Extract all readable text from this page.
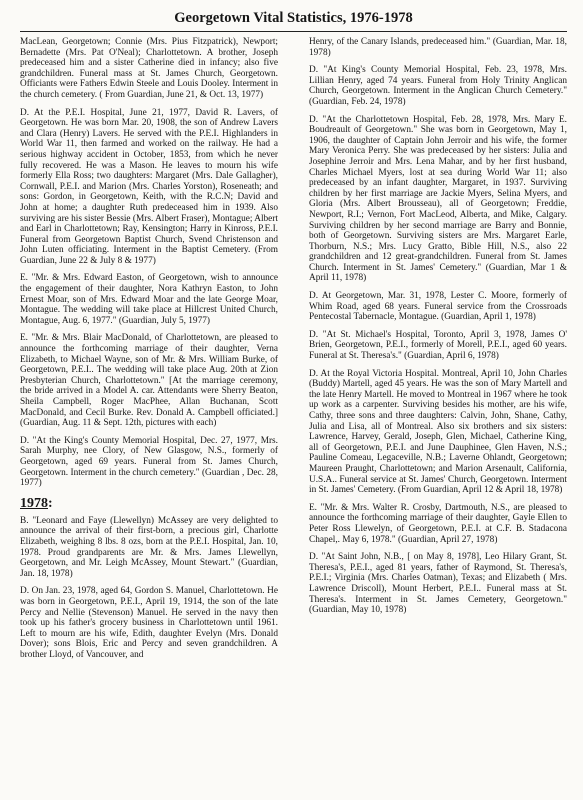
Georgetown Vital Statistics, 1976-1978

MacLean, Georgetown; Connie (Mrs. Pius Fitzpatrick), Newport; Bernadette (Mrs. Pat O'Neal); Charlottetown. A brother, Joseph predeceased him and a sister Catherine died in infancy; also five grandchildren. Funeral mass at St. James Church, Georgetown. Officiants were Fathers Edwin Steele and Louis Dooley. Interment in the church cemetery. ( From Guardian, June 21, & Oct. 13, 1977)

D. At the P.E.I. Hospital, June 21, 1977, David R. Lavers, of Georgetown. He was born Mar. 20, 1908, the son of Andrew Lavers and Clara (Henry) Lavers. He served with the P.E.I. Highlanders in World War 11, then farmed and worked on the railway. He had a serious highway accident in October, 1853, from which he never fully recovered. He was a Mason. He leaves to mourn his wife formerly Ella Ross; two daughters: Margaret (Mrs. Dale Gallagher), Cornwall, P.E.I. and Marion (Mrs. Charles Yorston), Roseneath; and sons: Gordon, in Georgetown, Keith, with the R.C.N; David and John at home; a daughter Ruth predeceased him in 1939. Also surviving are his sister Bessie (Mrs. Albert Fraser), Montague; Albert and Earl in Charlottetown; Ray, Kensington; Harry in Kinross, P.E.I. Funeral from Georgetown Baptist Church, Svend Christenson and John Luten officiating. Interment in the Baptist Cemetery. (From Guardian, June 22 & July 8 & 1977)

E. "Mr. & Mrs. Edward Easton, of Georgetown, wish to announce the engagement of their daughter, Nora Kathryn Easton, to John Ernest Moar, son of Mrs. Edward Moar and the late George Moar, Montague. The wedding will take place at Hillcrest United Church, Montague, Aug. 6, 1977." (Guardian, July 5, 1977)

E. "Mr. & Mrs. Blair MacDonald, of Charlottetown, are pleased to announce the forthcoming marriage of their daughter, Verna Elizabeth, to Michael Wayne, son of Mr. & Mrs. William Burke, of Georgetown, P.E.I.. The wedding will take place Aug. 20th at Zion Presbyterian Church, Charlottetown." [At the marriage ceremony, the bride arrived in a Model A. car. Attendants were Sherry Beaton, Sheila Campbell, Roger MacPhee, Allan Buchanan, Scott MacDonald, and Cecil Burke. Rev. Donald A. Campbell officiated.] (Guardian, Aug. 11 & Sept. 12th, pictures with each)

D. "At the King's County Memorial Hospital, Dec. 27, 1977, Mrs. Sarah Murphy, nee Clory, of New Glasgow, N.S., formerly of Georgetown, aged 69 years. Funeral from St. James Church, Georgetown. Interment in the church cemetery." (Guardian , Dec. 28, 1977)

1978:

B. "Leonard and Faye (Llewellyn) McAssey are very delighted to announce the arrival of their first-born, a precious girl, Charlotte Elizabeth, weighing 8 lbs. 8 ozs, born at the P.E.I. Hospital, Jan. 10, 1978. Proud grandparents are Mr. & Mrs. James Llewellyn, Georgetown, and Mr. Leigh McAssey, Mount Stewart." (Guardian, Jan. 18, 1978)

D. On Jan. 23, 1978, aged 64, Gordon S. Manuel, Charlottetown. He was born in Georgetown, P.E.I., April 19, 1914, the son of the late Percy and Nellie (Stevenson) Manuel. He served in the navy then took up his father's grocery business in Charlottetown until 1961. Left to mourn are his wife, Edith, daughter Evelyn (Mrs. Donald Dover); sons Blois, Eric and Percy and seven grandchildren. A brother Lloyd, of Vancouver, and

Henry, of the Canary Islands, predeceased him." (Guardian, Mar. 18, 1978)

D. "At King's County Memorial Hospital, Feb. 23, 1978, Mrs. Lillian Henry, aged 74 years. Funeral from Holy Trinity Anglican Church, Georgetown. Interment in the Anglican Church Cemetery." (Guardian, Feb. 24, 1978)

D. "At the Charlottetown Hospital, Feb. 28, 1978, Mrs. Mary E. Boudreault of Georgetown." She was born in Georgetown, May 1, 1906, the daughter of Captain John Jerroir and his wife, the former Mary Veronica Perry. She was predeceased by her sisters: Julia and Josephine Jerroir and Mrs. Lena Mahar, and by her first husband, Charles Michael Myers, lost at sea during World War 11; also predeceased by an infant daughter, Margaret, in 1937. Surviving children by her first marriage are Jackie Myers, Selina Myers, and Gloria (Mrs. Albert Brousseau), all of Georgetown; Freddie, Newport, R.I.; Vernon, Fort MacLeod, Alberta, and Mike, Calgary. Surviving children by her second marriage are Barry and Bonnie, both of Georgetown. Surviving sisters are Mrs. Margaret Earle, Thorburn, N.S.; Mrs. Lucy Gratto, Bible Hill, N.S., also 22 grandchildren and 12 great-grandchildren. Funeral from St. James Church. Interment in St. James' Cemetery." (Guardian, Mar 1 & April 11, 1978)

D. At Georgetown, Mar. 31, 1978, Lester C. Moore, formerly of Whim Road, aged 68 years. Funeral service from the Crossroads Pentecostal Tabernacle, Montague. (Guardian, April 1, 1978)

D. "At St. Michael's Hospital, Toronto, April 3, 1978, James O' Brien, Georgetown, P.E.I., formerly of Morell, P.E.I., aged 60 years. Funeral at St. Theresa's." (Guardian, April 6, 1978)

D. At the Royal Victoria Hospital. Montreal, April 10, John Charles (Buddy) Martell, aged 45 years. He was the son of Mary Martell and the late Henry Martell. He moved to Montreal in 1967 where he took up work as a carpenter. Surviving besides his mother, are his wife, Cathy, three sons and three daughters: Calvin, John, Shane, Cathy, Julia and Lisa, all of Montreal. Also six brothers and six sisters: Lawrence, Harvey, Gerald, Joseph, Glen, Michael, Catherine King, all of Georgetown, P.E.I. and June Dauphinee, Glen Haven, N.S.; Pauline Comeau, Legaceville, N.B.; Laverne Ohlandt, Georgetown; Maureen Praught, Charlottetown; and Marion Arsenault, California, U.S.A.. Funeral service at St. James' Church, Georgetown. Interment in St. James' Cemetery. (From Guardian, April 12 & April 18, 1978)

E. "Mr. & Mrs. Walter R. Crosby, Dartmouth, N.S., are pleased to announce the forthcoming marriage of their daughter, Gayle Ellen to Peter Ross Llewelyn, of Georgetown, P.E.I. at C.F. B. Stadacona Chapel,. May 6, 1978." (Guardian, April 27, 1978)

D. "At Saint John, N.B., [ on May 8, 1978], Leo Hilary Grant, St. Theresa's, P.E.I., aged 81 years, father of Raymond, St. Theresa's, P.E.I.; Virginia (Mrs. Charles Oatman), Texas; and Elizabeth ( Mrs. Lawrence Driscoll), Mount Herbert, P.E.I.. Funeral mass at St. Theresa's. Interment in St. James Cemetery, Georgetown." (Guardian, May 10, 1978)
